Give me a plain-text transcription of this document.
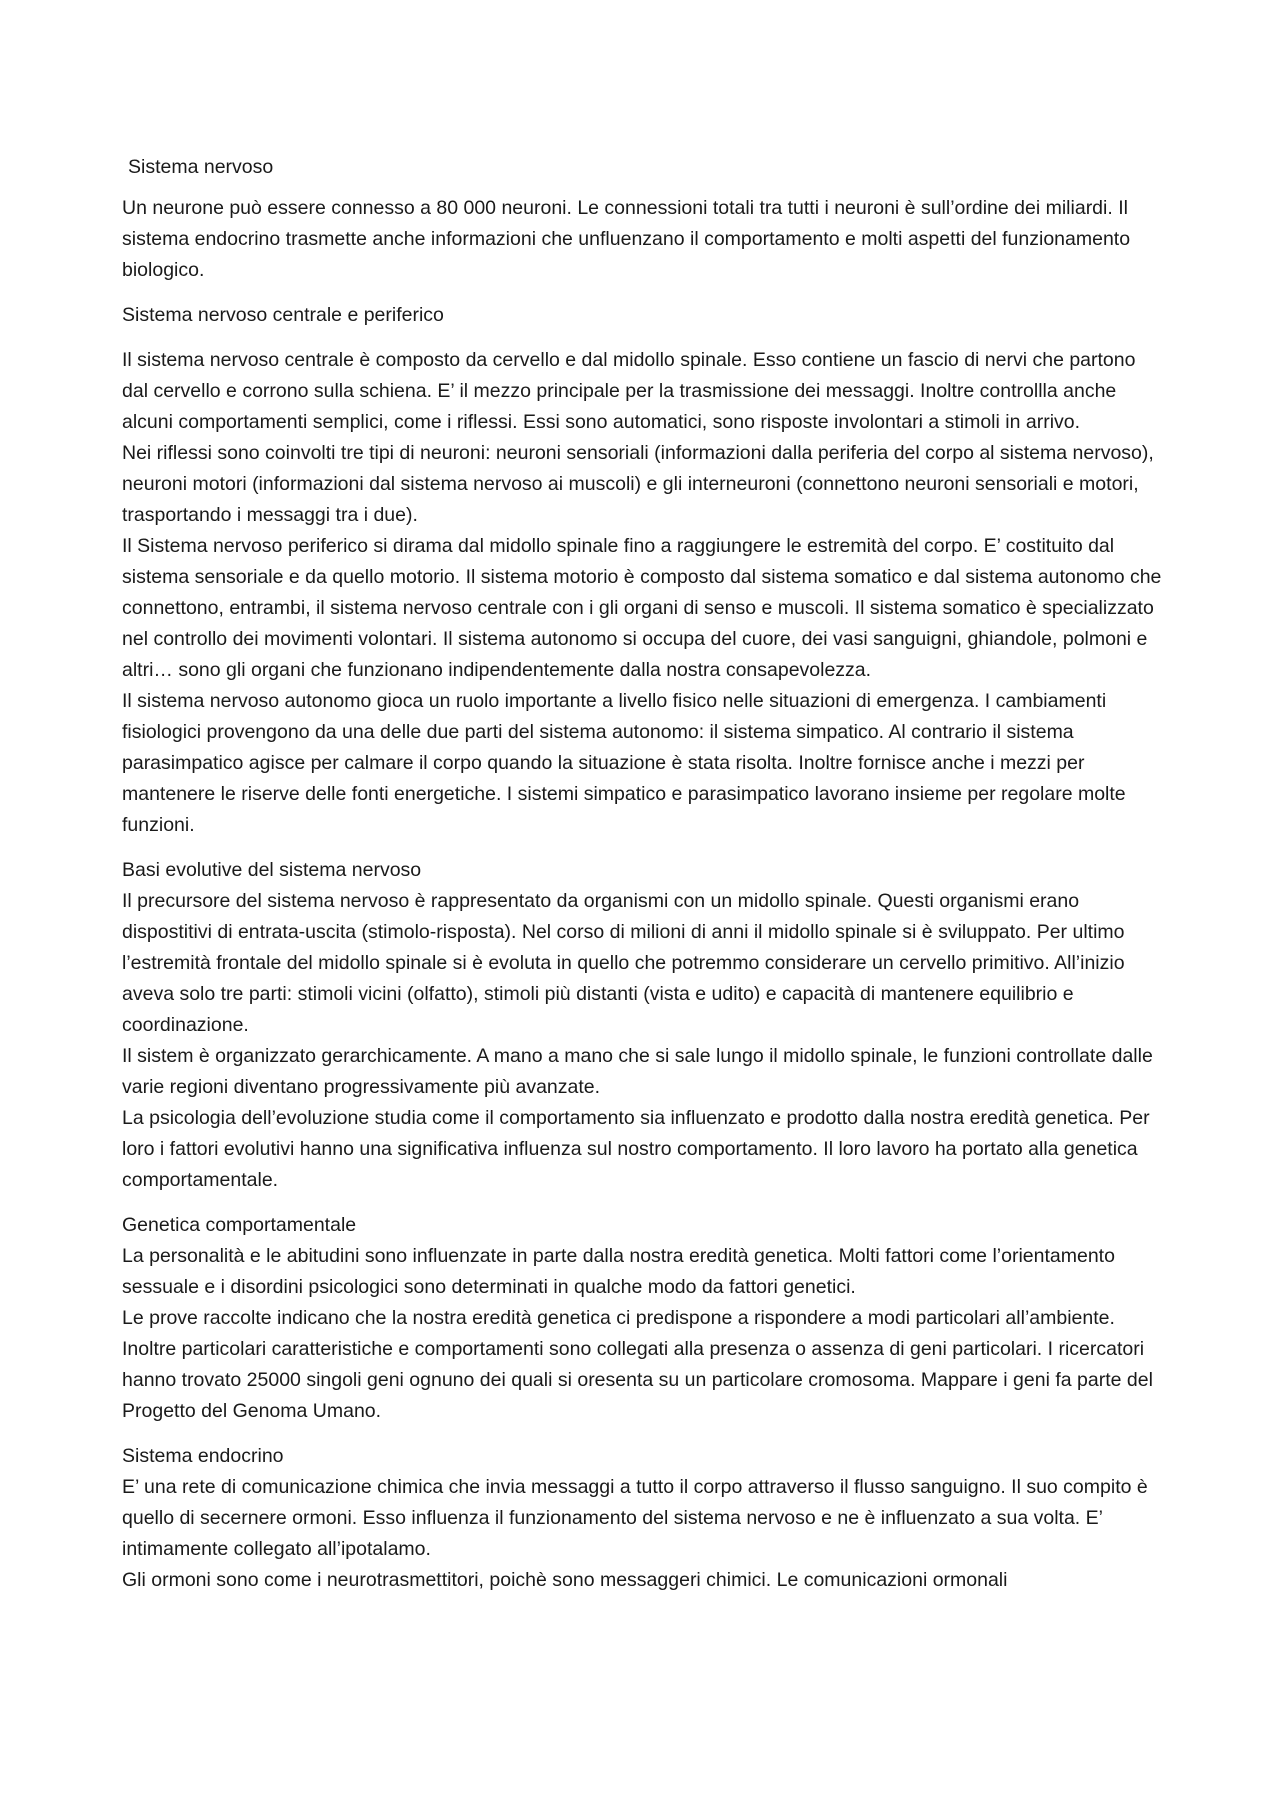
Sistema nervoso

Un neurone può essere connesso a 80 000 neuroni. Le connessioni totali tra tutti i neuroni è sull’ordine dei miliardi. Il sistema endocrino trasmette anche informazioni che unfluenzano il comportamento e molti aspetti del funzionamento biologico.

Sistema nervoso centrale e periferico

Il sistema nervoso centrale è composto da cervello e dal midollo spinale. Esso contiene un fascio di nervi che partono dal cervello e corrono sulla schiena. E’ il mezzo principale per la trasmissione dei messaggi. Inoltre controllla anche alcuni comportamenti semplici, come i riflessi. Essi sono automatici, sono risposte involontari a stimoli in arrivo.

Nei riflessi sono coinvolti tre tipi di neuroni: neuroni sensoriali (informazioni dalla periferia del corpo al sistema nervoso), neuroni motori (informazioni dal sistema nervoso ai muscoli) e gli interneuroni (connettono neuroni sensoriali e motori, trasportando i messaggi tra i due).

Il Sistema nervoso periferico si dirama dal midollo spinale fino a raggiungere le estremità del corpo. E’ costituito dal sistema sensoriale e da quello motorio. Il sistema motorio è composto dal sistema somatico e dal sistema autonomo che connettono, entrambi, il sistema nervoso centrale con i gli organi di senso e muscoli. Il sistema somatico è specializzato nel controllo dei movimenti volontari. Il sistema autonomo si occupa del cuore, dei vasi sanguigni, ghiandole, polmoni e altri… sono gli organi che funzionano indipendentemente dalla nostra consapevolezza.

Il sistema nervoso autonomo gioca un ruolo importante a livello fisico nelle situazioni di emergenza. I cambiamenti fisiologici provengono da una delle due parti del sistema autonomo: il sistema simpatico. Al contrario il sistema parasimpatico agisce per calmare il corpo quando la situazione è stata risolta. Inoltre fornisce anche i mezzi per mantenere le riserve delle fonti energetiche. I sistemi simpatico e parasimpatico lavorano insieme per regolare molte funzioni.

Basi evolutive del sistema nervoso

Il precursore del sistema nervoso è rappresentato da organismi con un midollo spinale. Questi organismi erano dispostitivi di entrata-uscita (stimolo-risposta). Nel corso di milioni di anni il midollo spinale si è sviluppato. Per ultimo l’estremità frontale del midollo spinale si è evoluta in quello che potremmo considerare un cervello primitivo. All’inizio aveva solo tre parti: stimoli vicini (olfatto), stimoli più distanti (vista e udito) e capacità di mantenere equilibrio e coordinazione.

Il sistem è organizzato gerarchicamente. A mano a mano che si sale lungo il midollo spinale, le funzioni controllate dalle varie regioni diventano progressivamente più avanzate.

La psicologia dell’evoluzione studia come il comportamento sia influenzato e prodotto dalla nostra eredità genetica. Per loro i fattori evolutivi hanno una significativa influenza sul nostro comportamento. Il loro lavoro ha portato alla genetica comportamentale.

Genetica comportamentale

La personalità e le abitudini sono influenzate in parte dalla nostra eredità genetica. Molti fattori come l’orientamento sessuale e i disordini psicologici sono determinati in qualche modo da fattori genetici.

Le prove raccolte indicano che la nostra eredità genetica ci predispone a rispondere a modi particolari all’ambiente. Inoltre particolari caratteristiche e comportamenti sono collegati alla presenza o assenza di geni particolari. I ricercatori hanno trovato 25000 singoli geni ognuno dei quali si oresenta su un particolare cromosoma. Mappare i geni fa parte del Progetto del Genoma Umano.

Sistema endocrino

E’ una rete di comunicazione chimica che invia messaggi a tutto il corpo attraverso il flusso sanguigno. Il suo compito è quello di secernere ormoni. Esso influenza il funzionamento del sistema nervoso e ne è influenzato a sua volta. E’ intimamente collegato all’ipotalamo.

Gli ormoni sono come i neurotrasmettitori, poichè sono messaggeri chimici. Le comunicazioni ormonali
